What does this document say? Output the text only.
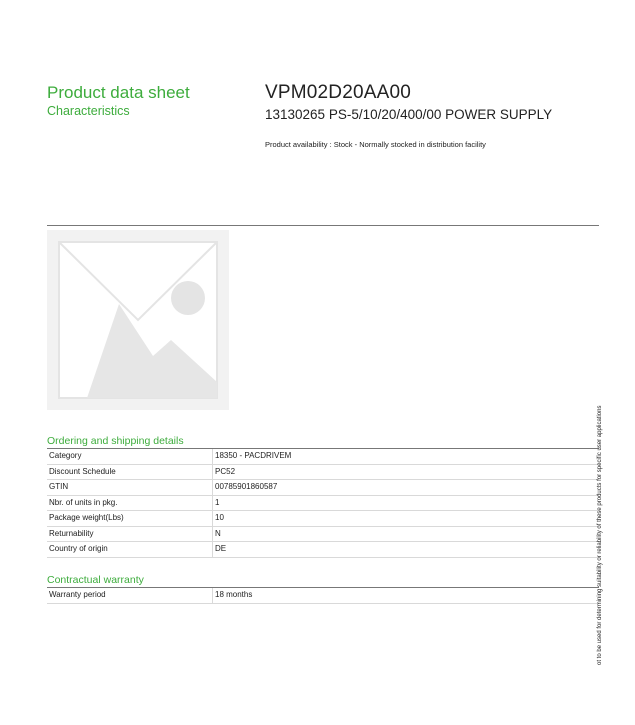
Product data sheet
Characteristics
VPM02D20AA00
13130265 PS-5/10/20/400/00 POWER SUPPLY
Product availability : Stock - Normally stocked in distribution facility
Ordering and shipping details
Category	18350 - PACDRIVEM
Discount Schedule	PC52
GTIN	00785901860587
Nbr. of units in pkg.	1
Package weight(Lbs)	10
Returnability	N
Country of origin	DE
Contractual warranty
Warranty period	18 months	ot to be used for determining suitability or reliability of these products for specific user applications
